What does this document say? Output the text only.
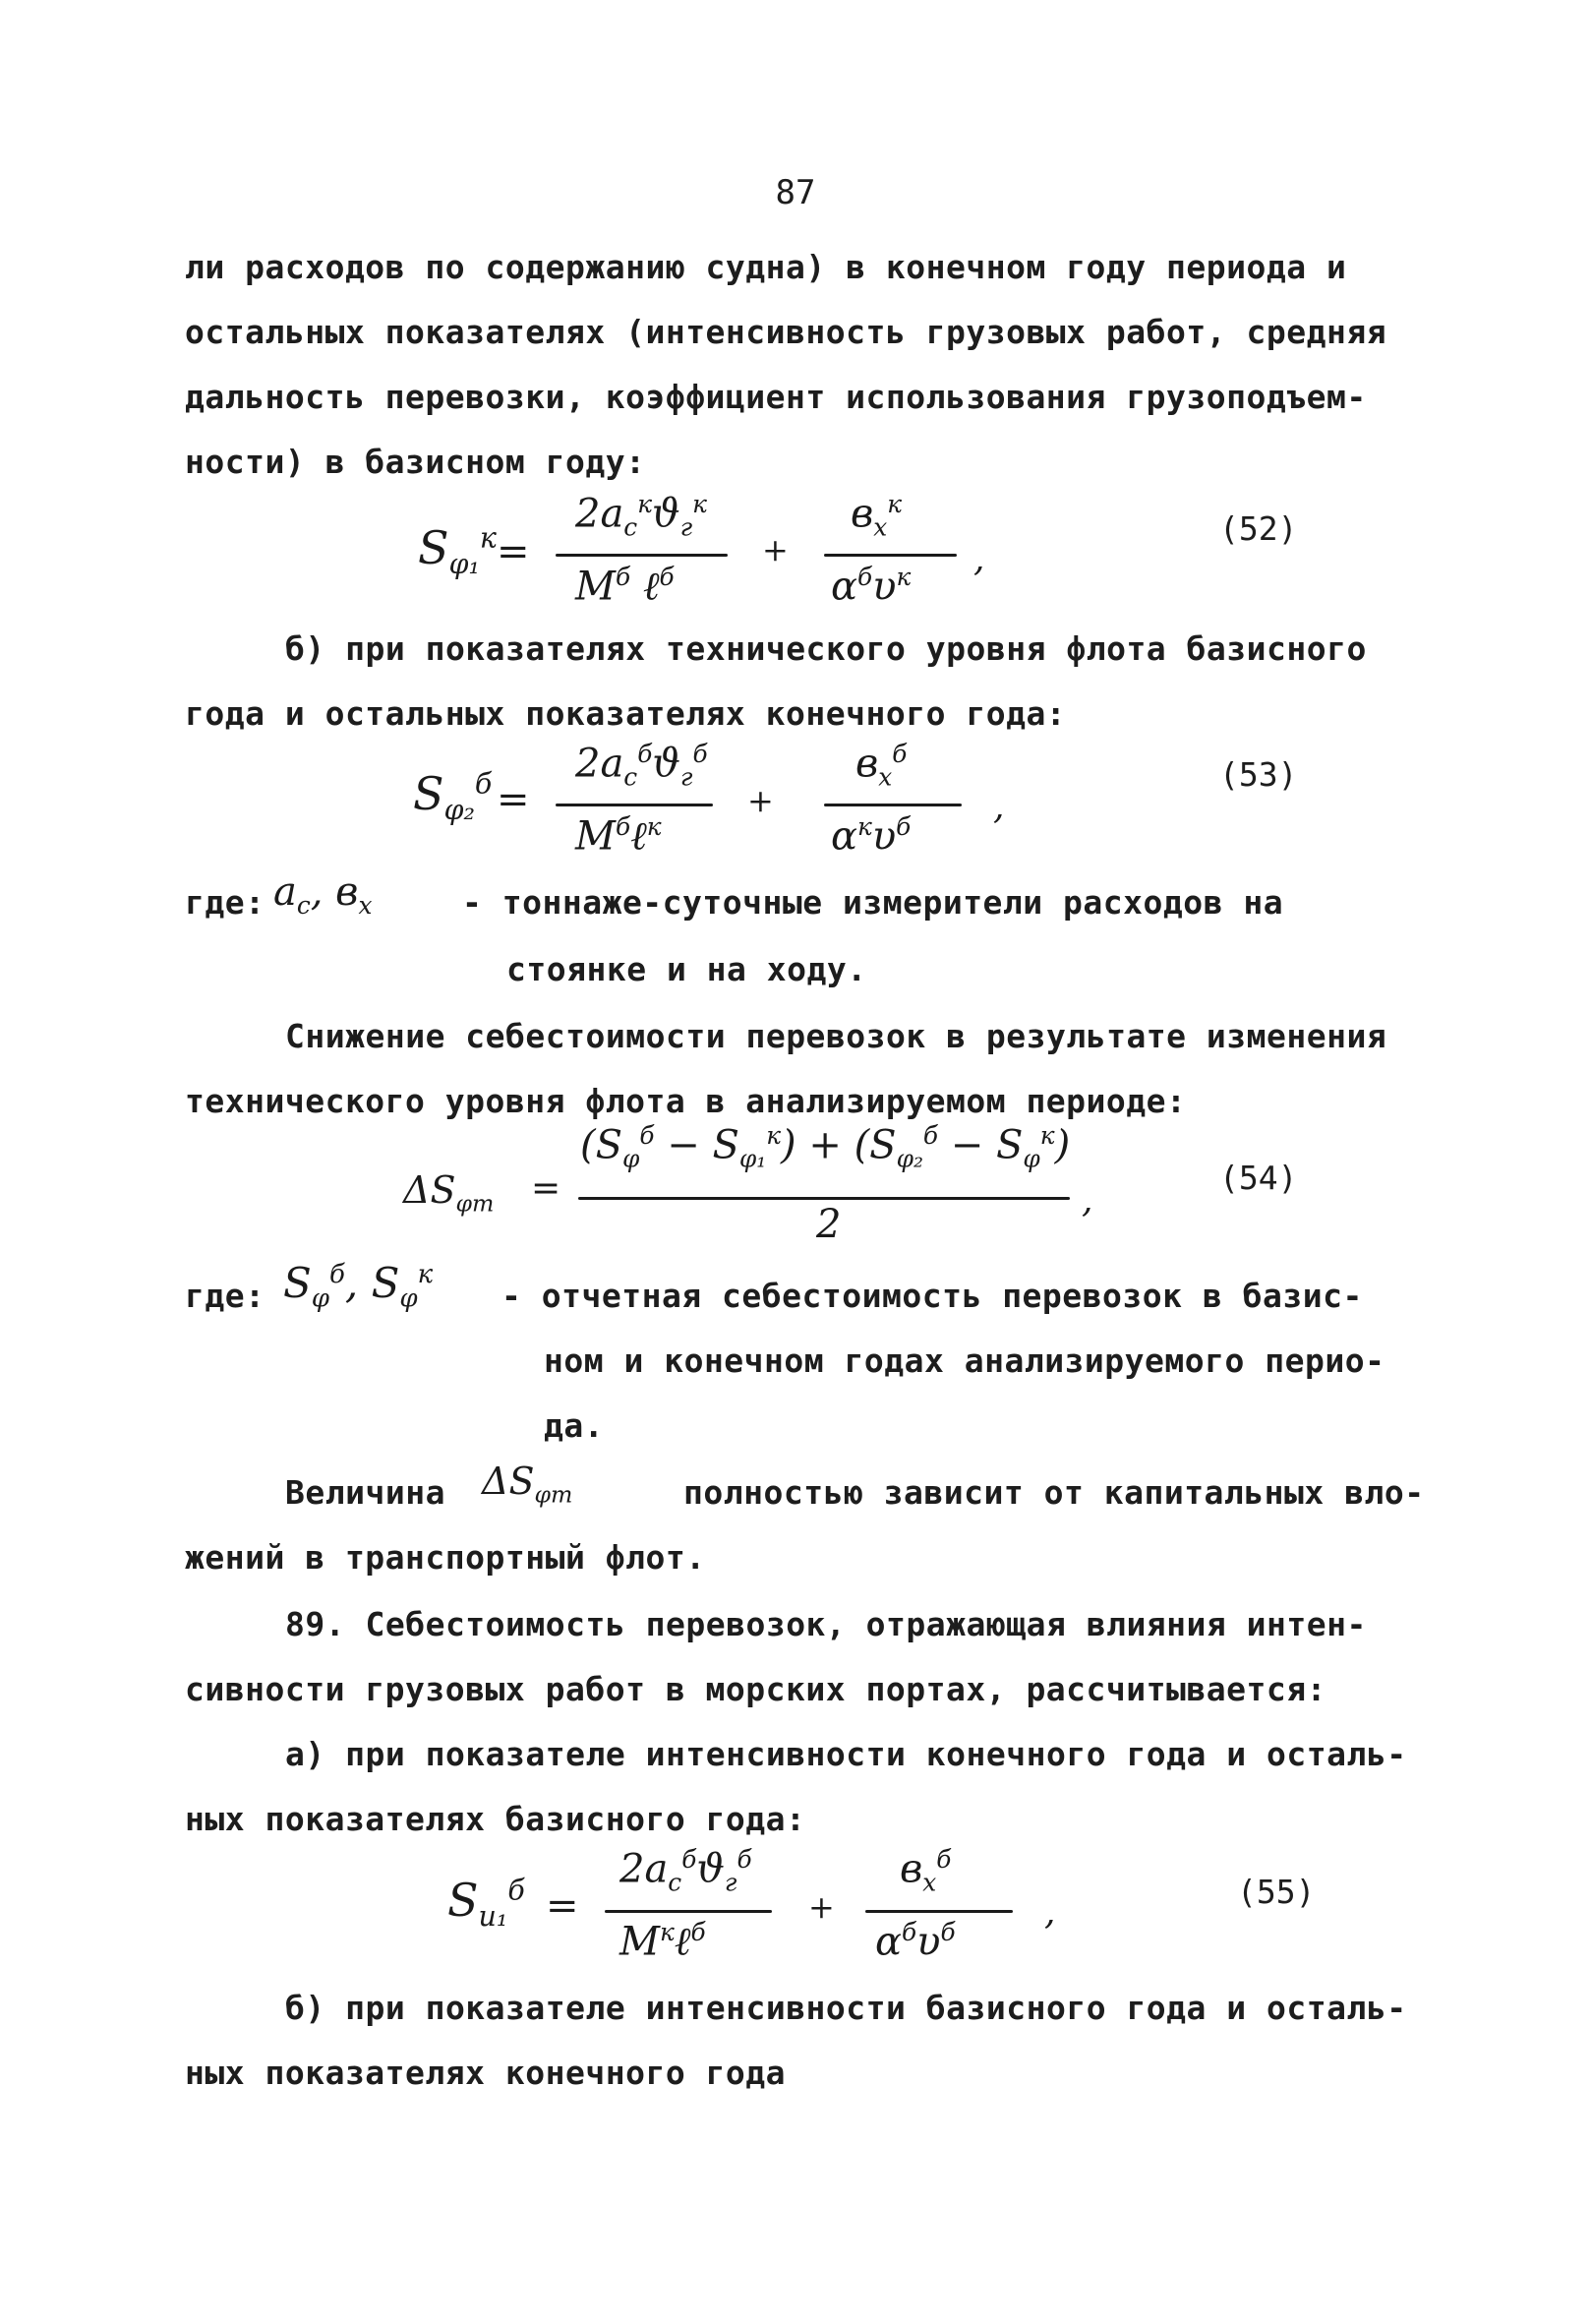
87
ли расходов по содержанию судна) в конечном году периода и
остальных показателях (интенсивность грузовых работ, средняя
дальность перевозки, коэффициент использования грузоподъем-
ности) в базисном году:
$S_{\varphi_1}^к$ =
$2a_c^кϑ_г^к$
$M^б$ ℓ$^б$
+
$в_х^к$
$\alpha^б\upsilon^к$ ,
(52)
б) при показателях технического уровня флота базисного
года и остальных показателях конечного года:
$S_{\varphi_2}^б$ =
$2a_c^бϑ_г^б$
$M^б\ell^к$
+
$в_х^б$
$\alpha^к\upsilon^б$ ,
(53)
где: $a_c$, $в_х$	- тоннаже-суточные измерители расходов на
стоянке и на ходу.
Снижение себестоимости перевозок в результате изменения
технического уровня флота в анализируемом периоде:
$\Delta S_{\varphi т}$ =
$(S_\varphi^б - S_{\varphi_1}^к) + (S_{\varphi_2}^б - S_\varphi^к)$
2
,
(54)
где: $S_\varphi^б$, $S_\varphi^к$
- отчетная себестоимость перевозок в базис-
ном и конечном годах анализируемого перио-
да.
Величина $\Delta S_{\varphi т}$	полностью зависит от капитальных вло-
жений в транспортный флот.
89. Себестоимость перевозок, отражающая влияния интен-
сивности грузовых работ в морских портах, рассчитывается:
а) при показателе интенсивности конечного года и осталь-
ных показателях базисного года:
$S_{и_1}^б$ =
$2a_c^бϑ_г^б$
$M^к\ell^б$
+
$в_х^б$
$\alpha^б\upsilon^б$	,
(55)
б) при показателе интенсивности базисного года и осталь-
ных показателях конечного года
